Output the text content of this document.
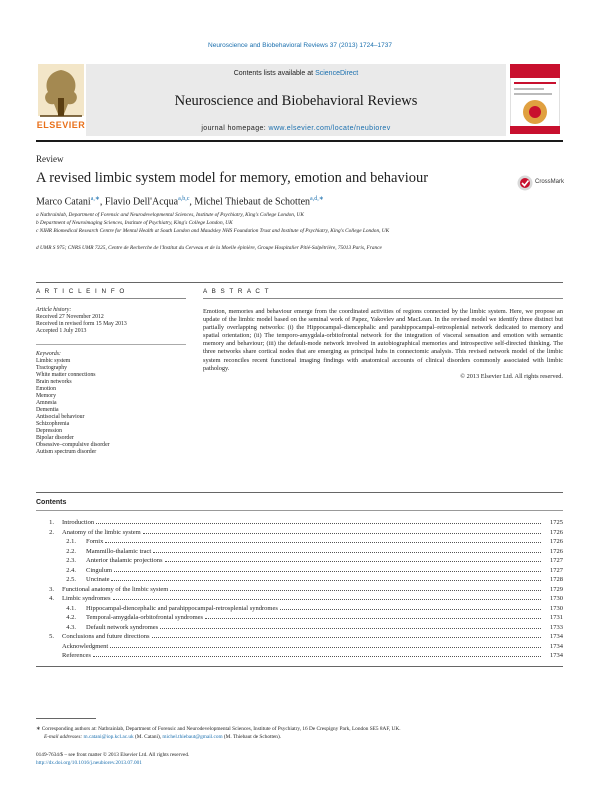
Neuroscience and Biobehavioral Reviews 37 (2013) 1724–1737
ELSEVIER
Contents lists available at ScienceDirect
Neuroscience and Biobehavioral Reviews
journal homepage: www.elsevier.com/locate/neubiorev
Review
A revised limbic system model for memory, emotion and behaviour	CrossMark
Marco Catani$^{a,∗}$, Flavio Dell'Acqua$^{a,b,c}$, Michel Thiebaut de Schotten$^{a,d,∗}$
a Natbrainlab, Department of Forensic and Neurodevelopmental Sciences, Institute of Psychiatry, King's College London, UK
b Department of Neuroimaging Sciences, Institute of Psychiatry, King's College London, UK
c NIHR Biomedical Research Centre for Mental Health at South London and Maudsley NHS Foundation Trust and Institute of Psychiatry, King's College London, UK
d UMR S 975; CNRS UMR 7225, Centre de Recherche de l'Institut du Cerveau et de la Moelle épinière, Groupe Hospitalier Pitié-Salpêtrière, 75013 Paris, France
A R T I C L E I N F O	A B S T R A C T
Article history:
Received 27 November 2012
Received in revised form 15 May 2013
Accepted 1 July 2013
Keywords:
Limbic system
Tractography
White matter connections
Brain networks
Emotion
Memory
Amnesia
Dementia
Antisocial behaviour
Schizophrenia
Depression
Bipolar disorder
Obsessive–compulsive disorder
Autism spectrum disorder
Emotion, memories and behaviour emerge from the coordinated activities of regions connected by the limbic system. Here, we propose an update of the limbic model based on the seminal work of Papez, Yakovlev and MacLean. In the revised model we identify three distinct but partially overlapping networks: (i) the Hippocampal–diencephalic and parahippocampal–retrosplenial network dedicated to memory and spatial orientation; (ii) The temporo-amygdala-orbitofrontal network for the integration of visceral sensation and emotion with semantic memory and behaviour; (iii) the default-mode network involved in autobiographical memories and introspective self-directed thinking. The three networks share cortical nodes that are emerging as principal hubs in connectomic analysis. This revised network model of the limbic system reconciles recent functional imaging findings with anatomical accounts of clinical disorders commonly associated with limbic pathology.
© 2013 Elsevier Ltd. All rights reserved.
Contents
1. Introduction	1725
2. Anatomy of the limbic system	1726
2.1. Fornix	1726
2.2. Mammillo-thalamic tract	1726
2.3. Anterior thalamic projections	1727
2.4. Cingulum	1727
2.5. Uncinate	1728
3. Functional anatomy of the limbic system	1729
4. Limbic syndromes	1730
4.1. Hippocampal-diencephalic and parahippocampal-retrosplenial syndromes	1730
4.2. Temporal-amygdala-orbitofrontal syndromes	1731
4.3. Default network syndromes	1733
5. Conclusions and future directions	1734
Acknowledgment	1734
References	1734
∗ Corresponding authors at: Natbrainlab, Department of Forensic and Neurodevelopmental Sciences, Institute of Psychiatry, 16 De Crespigny Park, London SE5 8AF, UK.
E-mail addresses: m.catani@iop.kcl.ac.uk (M. Catani), michel.thiebaut@gmail.com (M. Thiebaut de Schotten).
0149-7634/$ – see front matter © 2013 Elsevier Ltd. All rights reserved.
http://dx.doi.org/10.1016/j.neubiorev.2013.07.001
